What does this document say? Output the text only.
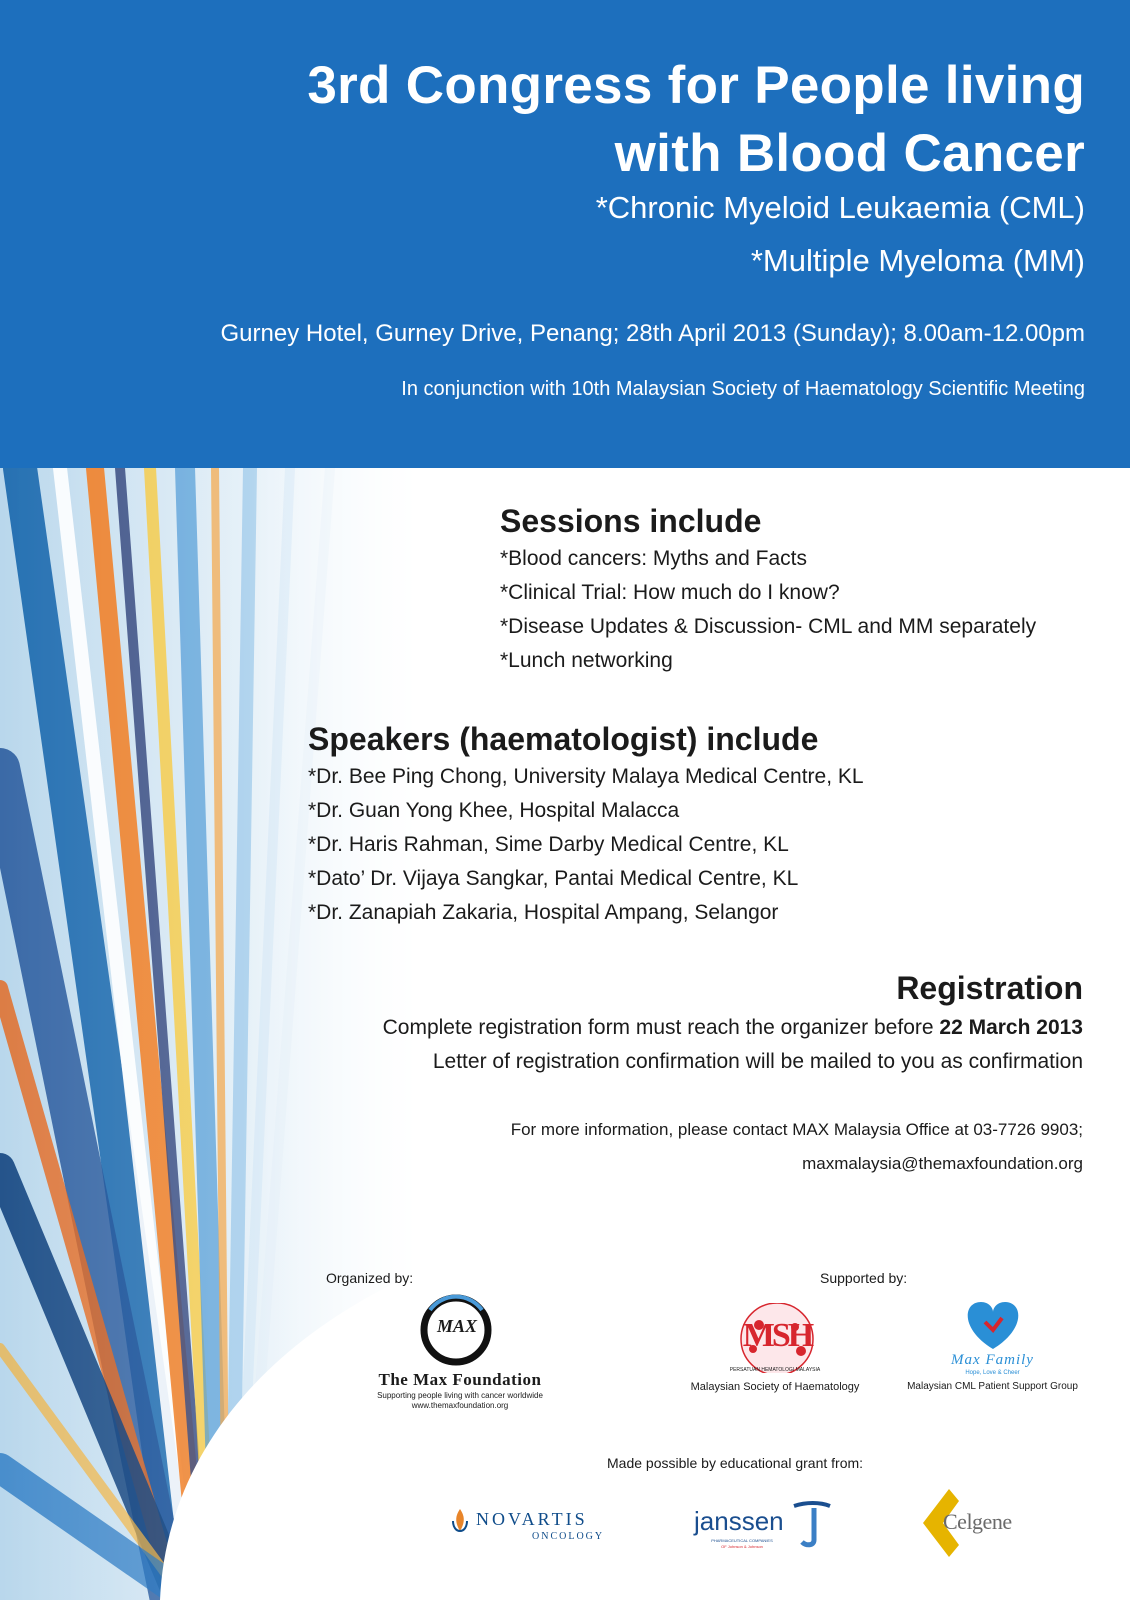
3rd Congress for People living
with Blood Cancer
*Chronic Myeloid Leukaemia (CML)
*Multiple Myeloma (MM)
Gurney Hotel, Gurney Drive, Penang; 28th April 2013 (Sunday); 8.00am-12.00pm
In conjunction with 10th Malaysian Society of Haematology Scientific Meeting
Sessions include
*Blood cancers: Myths and Facts
*Clinical Trial: How much do I know?
*Disease Updates & Discussion- CML and MM separately
*Lunch networking
Speakers (haematologist) include
*Dr. Bee Ping Chong, University Malaya Medical Centre, KL
*Dr. Guan Yong Khee, Hospital Malacca
*Dr. Haris Rahman, Sime Darby Medical Centre, KL
*Dato’ Dr. Vijaya Sangkar, Pantai Medical Centre, KL
*Dr. Zanapiah Zakaria, Hospital Ampang, Selangor
Registration
Complete registration form must reach the organizer before 22 March 2013
Letter of registration confirmation will be mailed to you as confirmation
For more information, please contact MAX Malaysia Office at 03-7726 9903;
maxmalaysia@themaxfoundation.org
Organized by:	Supported by:
Made possible by educational grant from:
MAX
The Max Foundation
Supporting people living with cancer worldwide
www.themaxfoundation.org
MSH
PERSATUAN HEMATOLOGI MALAYSIA
Malaysian Society of Haematology
Max Family
Hope, Love & Cheer
Malaysian CML Patient Support Group
NOVARTIS
ONCOLOGY
janssen
PHARMACEUTICAL COMPANIES
OF Johnson & Johnson
Celgene
